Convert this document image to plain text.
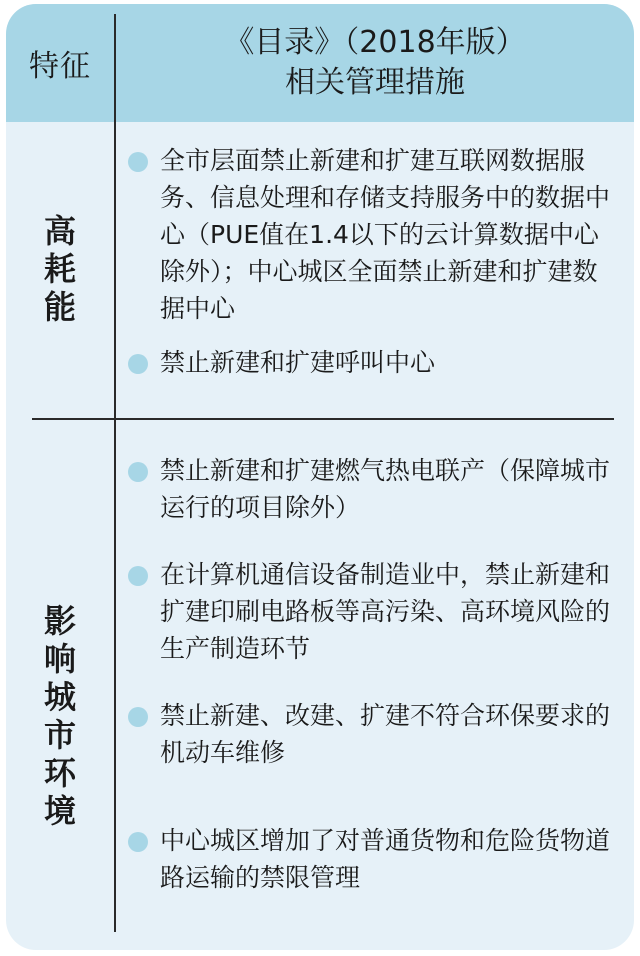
特征
《目录》（2018年版）
相关管理措施
高
耗
能
全市层面禁止新建和扩建互联网数据服务、信息处理和存储支持服务中的数据中心（PUE值在1.4以下的云计算数据中心除外）；中心城区全面禁止新建和扩建数据中心
禁止新建和扩建呼叫中心
影
响
城
市
环
境
禁止新建和扩建燃气热电联产（保障城市运行的项目除外）
在计算机通信设备制造业中，禁止新建和扩建印刷电路板等高污染、高环境风险的生产制造环节
禁止新建、改建、扩建不符合环保要求的机动车维修
中心城区增加了对普通货物和危险货物道路运输的禁限管理
